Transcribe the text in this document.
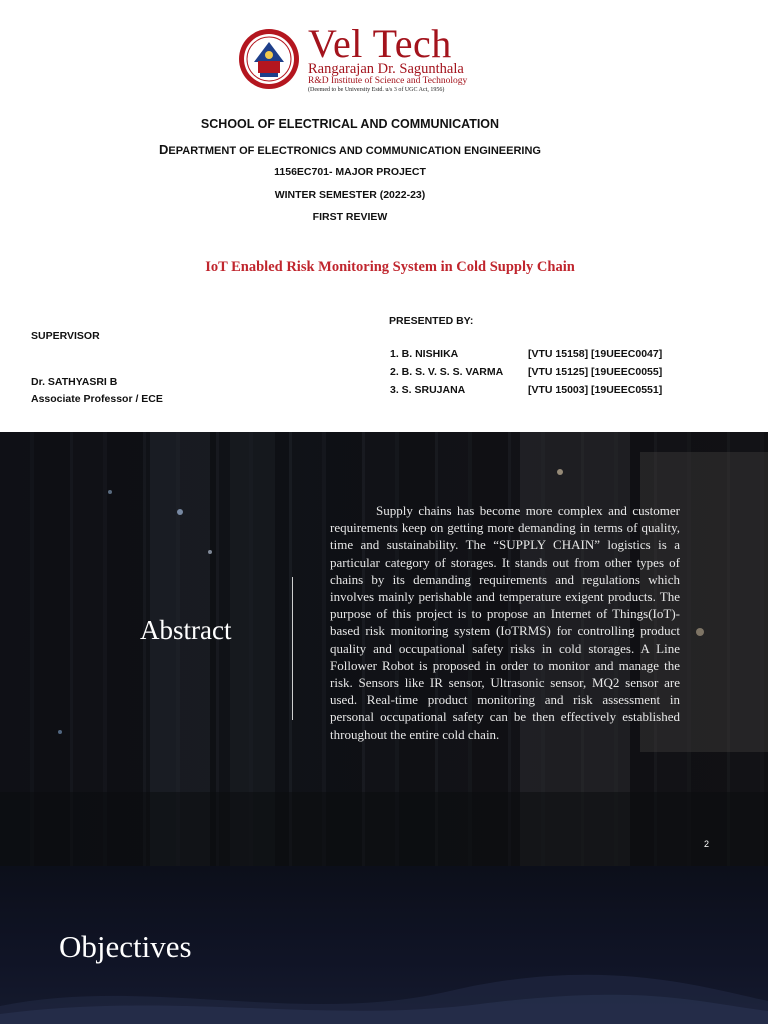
Vel Tech
Rangarajan Dr. Sagunthala
R&D Institute of Science and Technology
(Deemed to be University Estd. u/s 3 of UGC Act, 1956)
SCHOOL OF ELECTRICAL AND COMMUNICATION
DEPARTMENT OF ELECTRONICS AND COMMUNICATION ENGINEERING
1156EC701- MAJOR PROJECT
WINTER SEMESTER (2022-23)
FIRST REVIEW
IoT Enabled Risk Monitoring System in Cold Supply Chain
SUPERVISOR
Dr. SATHYASRI B
Associate Professor / ECE
PRESENTED BY:
1. B. NISHIKA	[VTU 15158] [19UEEC0047]
2. B. S. V. S. S. VARMA [VTU 15125] [19UEEC0055]
3. S. SRUJANA	[VTU 15003] [19UEEC0551]
Abstract

Supply chains has become more complex and customer requirements keep on getting more demanding in terms of quality, time and sustainability. The “SUPPLY CHAIN” logistics is a particular category of storages. It stands out from other types of chains by its demanding requirements and regulations which involves mainly perishable and temperature exigent products. The purpose of this project is to propose an Internet of Things(IoT)-based risk monitoring system (IoTRMS) for controlling product quality and occupational safety risks in cold storages. A Line Follower Robot is proposed in order to monitor and manage the risk. Sensors like IR sensor, Ultrasonic sensor, MQ2 sensor are used. Real-time product monitoring and risk assessment in personal occupational safety can be then effectively established throughout the entire cold chain.

2
Objectives
